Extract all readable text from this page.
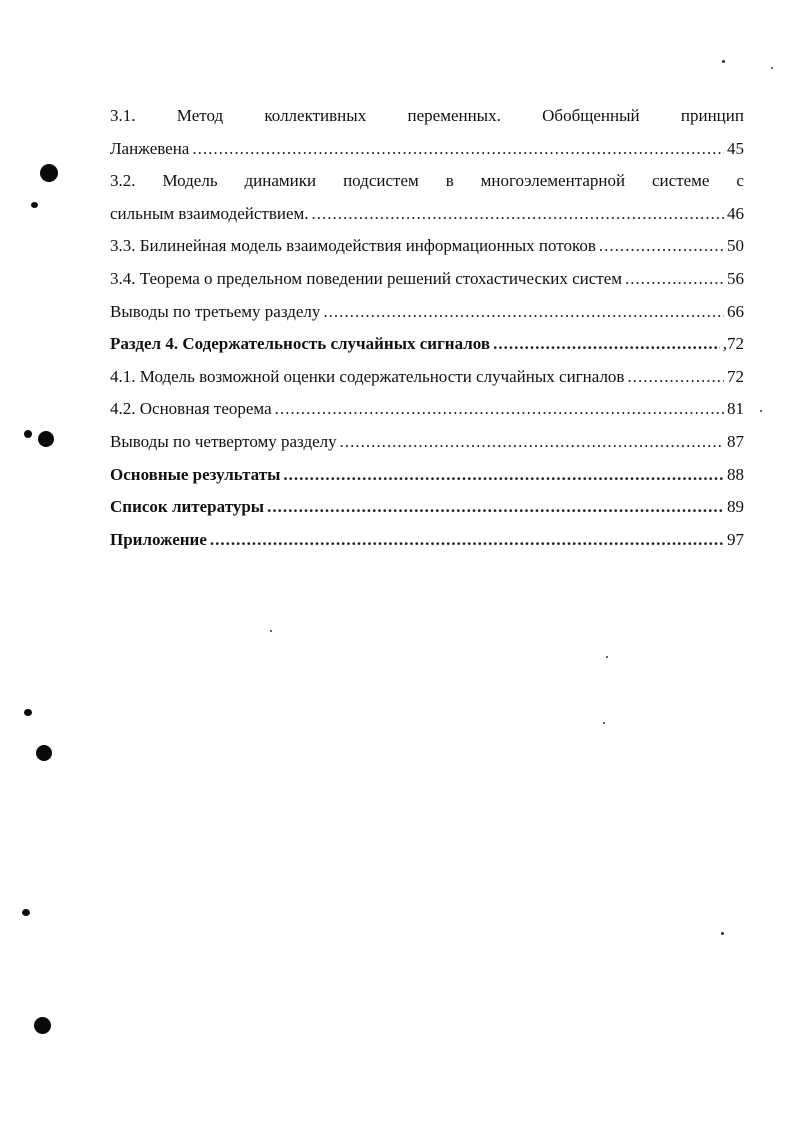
3.1. Метод коллективных переменных. Обобщенный принцип
Ланжевена .....	45
3.2. Модель динамики подсистем в многоэлементарной системе с
сильным взаимодействием. .....	46
3.3. Билинейная модель взаимодействия информационных потоков .....	50
3.4. Теорема о предельном поведении решений стохастических систем .....	56
Выводы по третьему разделу .....	66
Раздел 4. Содержательность случайных сигналов .....	,72
4.1. Модель возможной оценки содержательности случайных сигналов .....	72
4.2. Основная теорема .....	81
Выводы по четвертому разделу .....	87
Основные результаты .....	88
Список литературы .....	89
Приложение .....	97
